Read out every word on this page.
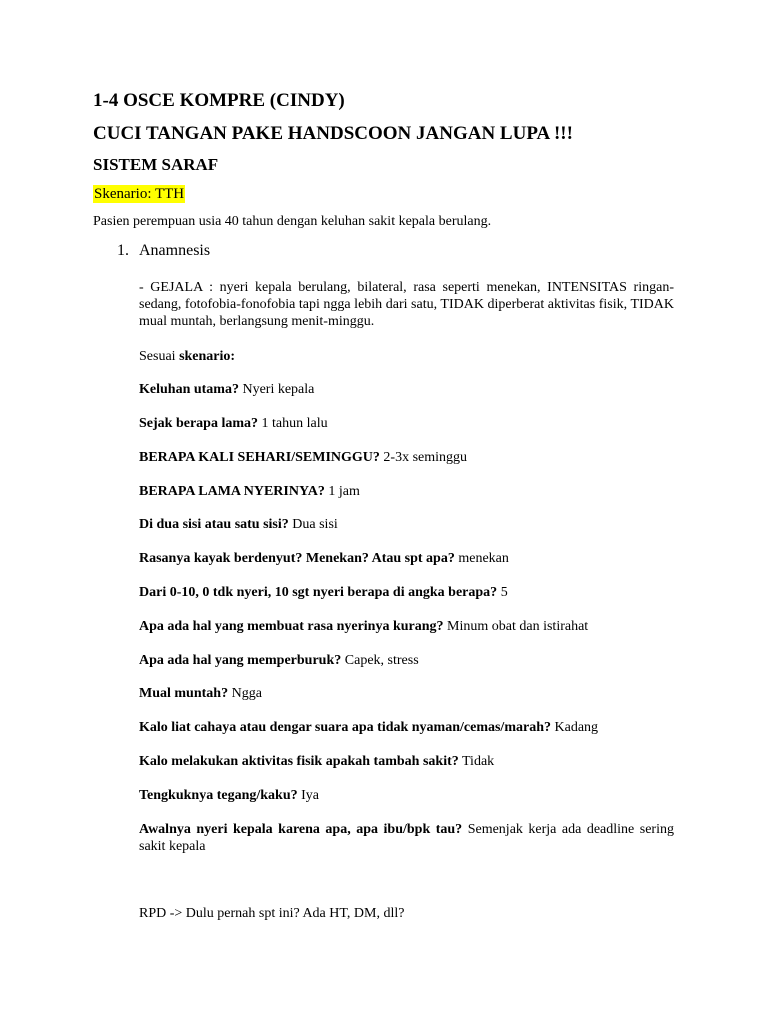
1-4 OSCE KOMPRE (CINDY)
CUCI TANGAN PAKE HANDSCOON JANGAN LUPA !!!
SISTEM SARAF
Skenario: TTH
Pasien perempuan usia 40 tahun dengan keluhan sakit kepala berulang.
1. Anamnesis
- GEJALA : nyeri kepala berulang, bilateral, rasa seperti menekan, INTENSITAS ringan-sedang, fotofobia-fonofobia tapi ngga lebih dari satu, TIDAK diperberat aktivitas fisik, TIDAK mual muntah, berlangsung menit-minggu.
Sesuai skenario:
Keluhan utama? Nyeri kepala
Sejak berapa lama? 1 tahun lalu
BERAPA KALI SEHARI/SEMINGGU? 2-3x seminggu
BERAPA LAMA NYERINYA? 1 jam
Di dua sisi atau satu sisi? Dua sisi
Rasanya kayak berdenyut? Menekan? Atau spt apa? menekan
Dari 0-10, 0 tdk nyeri, 10 sgt nyeri berapa di angka berapa? 5
Apa ada hal yang membuat rasa nyerinya kurang? Minum obat dan istirahat
Apa ada hal yang memperburuk? Capek, stress
Mual muntah? Ngga
Kalo liat cahaya atau dengar suara apa tidak nyaman/cemas/marah? Kadang
Kalo melakukan aktivitas fisik apakah tambah sakit? Tidak
Tengkuknya tegang/kaku? Iya
Awalnya nyeri kepala karena apa, apa ibu/bpk tau? Semenjak kerja ada deadline sering sakit kepala
RPD -> Dulu pernah spt ini? Ada HT, DM, dll?
